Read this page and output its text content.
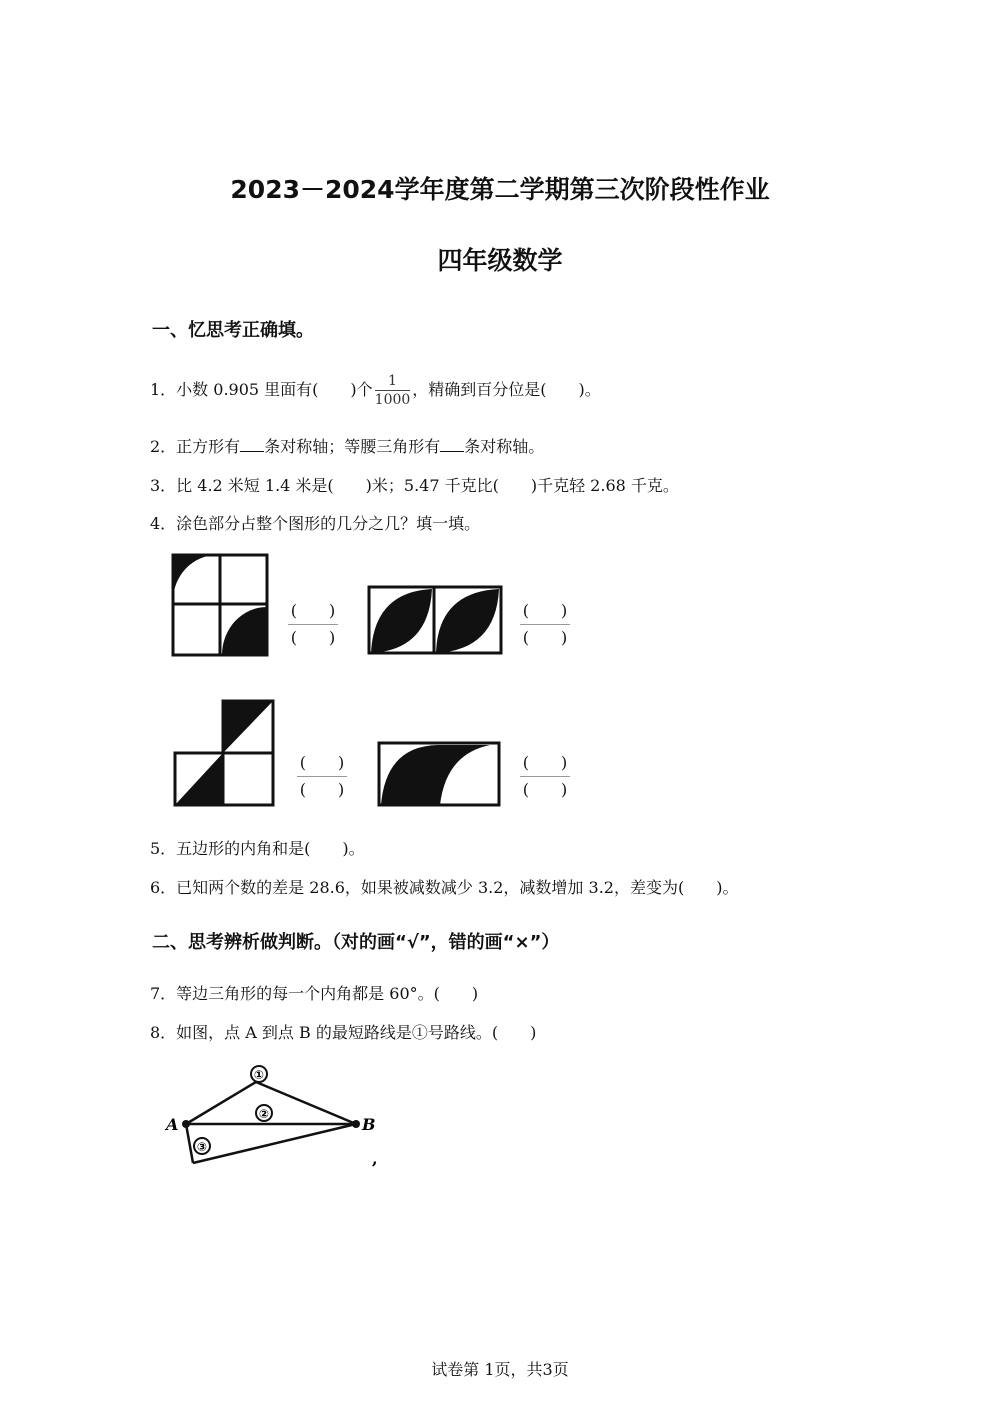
2023－2024学年度第二学期第三次阶段性作业
四年级数学
一、忆思考正确填。
1．小数 0.905 里面有(　　)个 $\frac{1}{1000}$ ，精确到百分位是(　　)。
2．正方形有 条对称轴；等腰三角形有 条对称轴。
3．比 4.2 米短 1.4 米是(　　)米；5.47 千克比(　　)千克轻 2.68 千克。
4．涂色部分占整个图形的几分之几？填一填。
(　　)
(　　)
(　　)
(　　)
(　　)
(　　)
(　　)
(　　)
5．五边形的内角和是(　　)。
6．已知两个数的差是 28.6，如果被减数减少 3.2，减数增加 3.2，差变为(　　)。
二、思考辨析做判断。（对的画“√”，错的画“×”）
7．等边三角形的每一个内角都是 60°。(　　)
8．如图，点 A 到点 B 的最短路线是①号路线。(　　)
①
②
③
A	B
,
试卷第 1页，共3页
